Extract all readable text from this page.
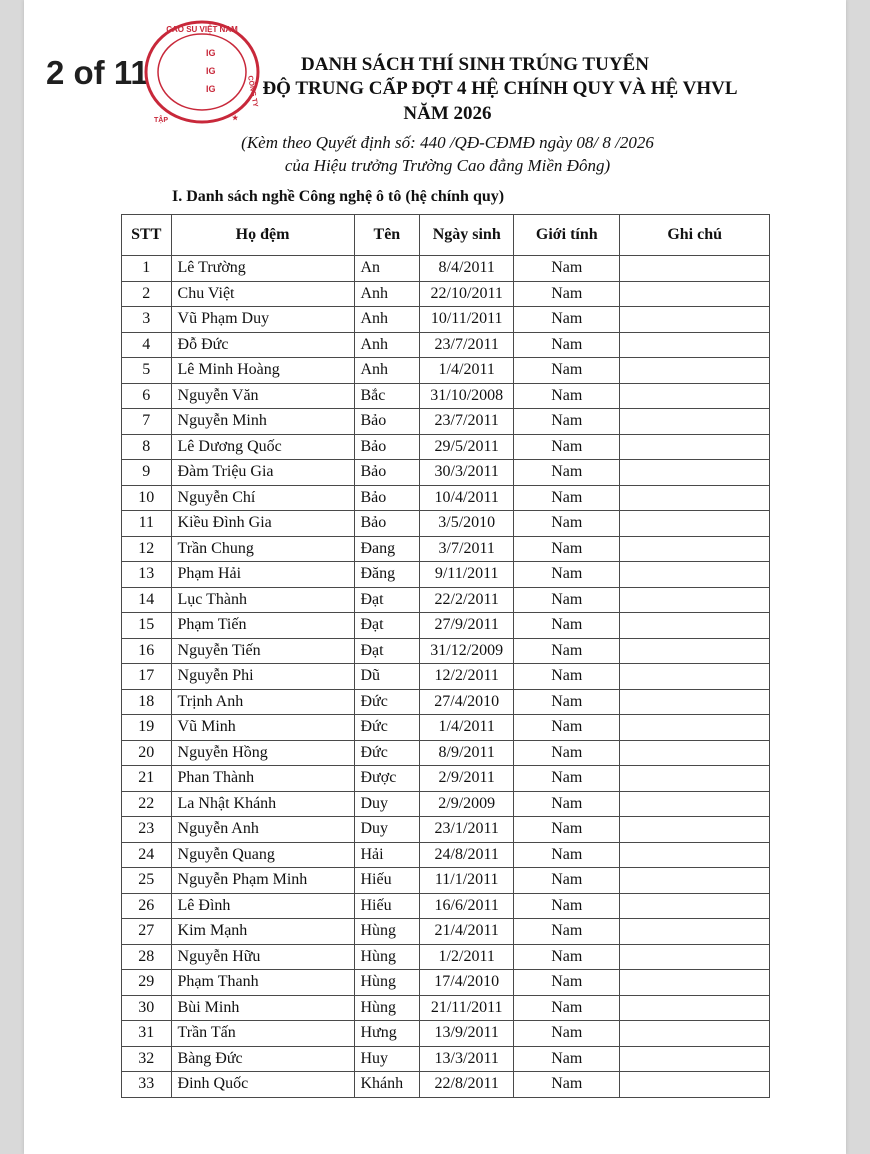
2 of 11
CAO SU VIỆT NAM
IG
IG
IG
TẬP	★
CÔNG TY
DANH SÁCH THÍ SINH TRÚNG TUYỂN
ĐỘ TRUNG CẤP ĐỢT 4 HỆ CHÍNH QUY VÀ HỆ VHVL
NĂM 2026
(Kèm theo Quyết định số: 440 /QĐ-CĐMĐ ngày 08/ 8 /2026
của Hiệu trưởng Trường Cao đẳng Miền Đông)
I. Danh sách nghề Công nghệ ô tô (hệ chính quy)
STT	Họ đệm	Tên	Ngày sinh	Giới tính	Ghi chú
1	Lê Trường	An	8/4/2011	Nam	
2	Chu Việt	Anh	22/10/2011	Nam	
3	Vũ Phạm Duy	Anh	10/11/2011	Nam	
4	Đỗ Đức	Anh	23/7/2011	Nam	
5	Lê Minh Hoàng	Anh	1/4/2011	Nam	
6	Nguyễn Văn	Bắc	31/10/2008	Nam	
7	Nguyễn Minh	Bảo	23/7/2011	Nam	
8	Lê Dương Quốc	Bảo	29/5/2011	Nam	
9	Đàm Triệu Gia	Bảo	30/3/2011	Nam	
10	Nguyễn Chí	Bảo	10/4/2011	Nam	
11	Kiều Đình Gia	Bảo	3/5/2010	Nam	
12	Trần Chung	Đang	3/7/2011	Nam	
13	Phạm Hải	Đăng	9/11/2011	Nam	
14	Lục Thành	Đạt	22/2/2011	Nam	
15	Phạm Tiến	Đạt	27/9/2011	Nam	
16	Nguyễn Tiến	Đạt	31/12/2009	Nam	
17	Nguyễn Phi	Dũ	12/2/2011	Nam	
18	Trịnh Anh	Đức	27/4/2010	Nam	
19	Vũ Minh	Đức	1/4/2011	Nam	
20	Nguyễn Hồng	Đức	8/9/2011	Nam	
21	Phan Thành	Được	2/9/2011	Nam	
22	La Nhật Khánh	Duy	2/9/2009	Nam	
23	Nguyễn Anh	Duy	23/1/2011	Nam	
24	Nguyễn Quang	Hải	24/8/2011	Nam	
25	Nguyễn Phạm Minh	Hiếu	11/1/2011	Nam	
26	Lê Đình	Hiếu	16/6/2011	Nam	
27	Kim Mạnh	Hùng	21/4/2011	Nam	
28	Nguyễn Hữu	Hùng	1/2/2011	Nam	
29	Phạm Thanh	Hùng	17/4/2010	Nam	
30	Bùi Minh	Hùng	21/11/2011	Nam	
31	Trần Tấn	Hưng	13/9/2011	Nam	
32	Bàng Đức	Huy	13/3/2011	Nam	
33	Đinh Quốc	Khánh	22/8/2011	Nam	
